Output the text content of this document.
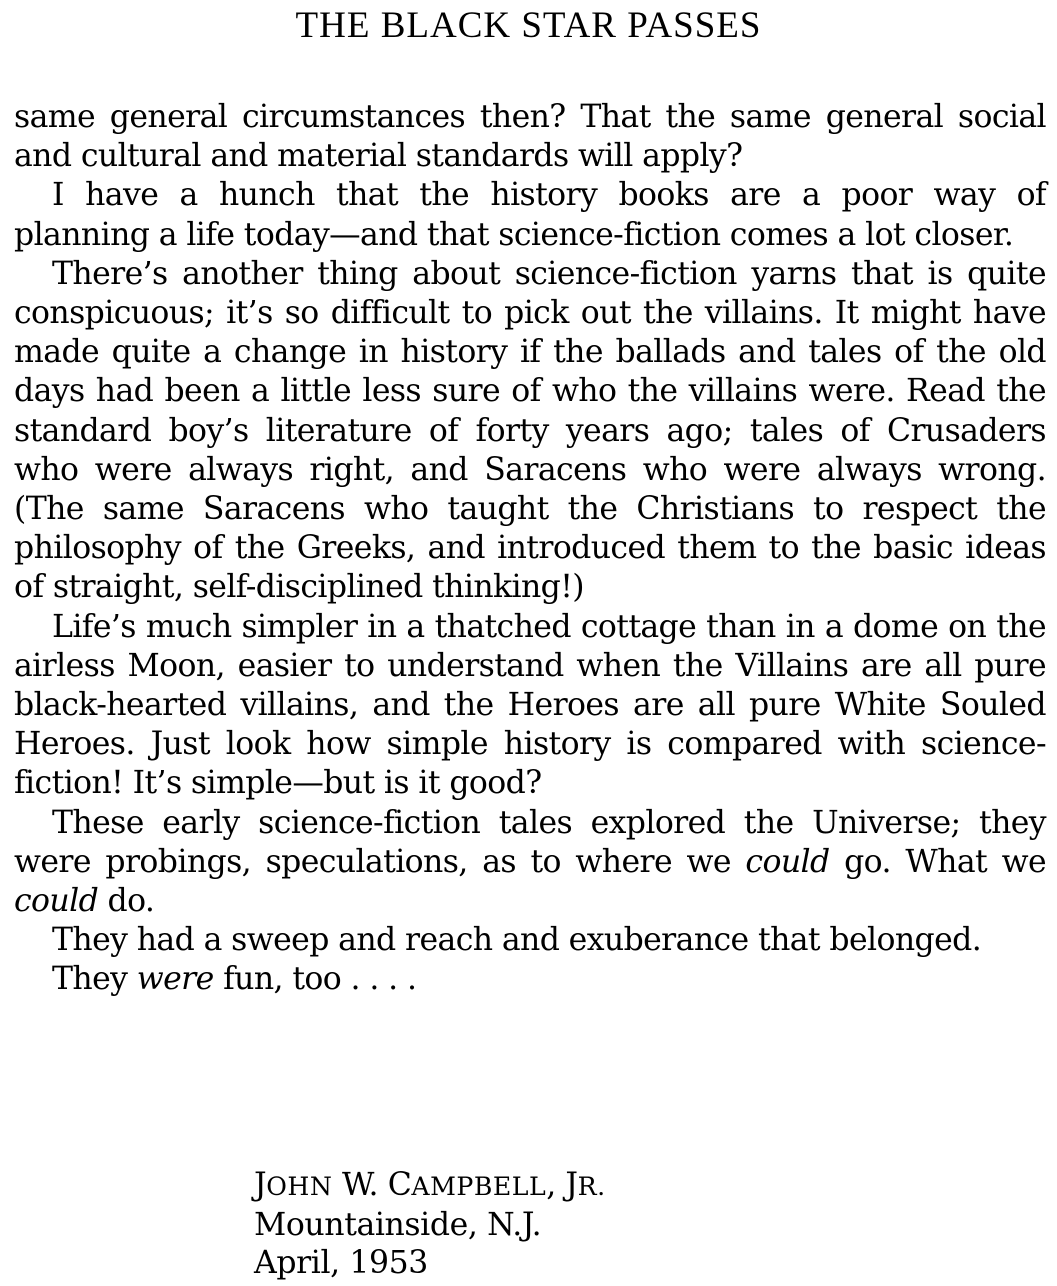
THE BLACK STAR PASSES

same general circumstances then? That the same general social and cultural and material standards will apply?

I have a hunch that the history books are a poor way of planning a life today—and that science-fiction comes a lot closer.

There’s another thing about science-fiction yarns that is quite conspicuous; it’s so difficult to pick out the villains. It might have made quite a change in history if the ballads and tales of the old days had been a little less sure of who the villains were. Read the standard boy’s literature of forty years ago; tales of Crusaders who were always right, and Saracens who were always wrong. (The same Saracens who taught the Christians to respect the philosophy of the Greeks, and introduced them to the basic ideas of straight, self-disciplined thinking!)

Life’s much simpler in a thatched cottage than in a dome on the airless Moon, easier to understand when the Villains are all pure black-hearted villains, and the Heroes are all pure White Souled Heroes. Just look how simple history is compared with science-fiction! It’s simple—but is it good?

These early science-fiction tales explored the Universe; they were probings, speculations, as to where we could go. What we could do.

They had a sweep and reach and exuberance that belonged.

They were fun, too . . . .

JOHN W. CAMPBELL, JR.
Mountainside, N.J.
April, 1953
